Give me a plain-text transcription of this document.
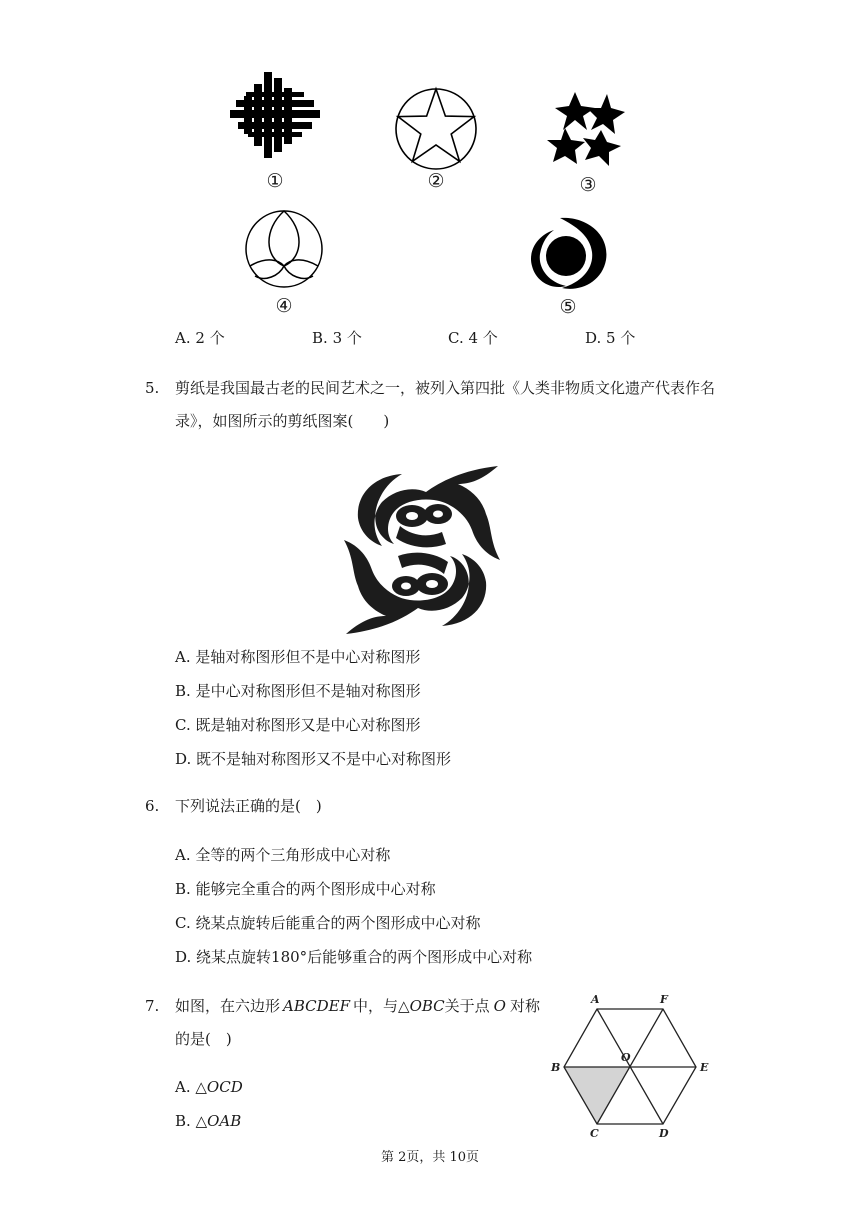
①	②	③
④	⑤
A. 2 个	B. 3 个	C. 4 个	D. 5 个
5. 剪纸是我国最古老的民间艺术之一，被列入第四批《人类非物质文化遗产代表作名
录》，如图所示的剪纸图案(　　)
A. 是轴对称图形但不是中心对称图形
B. 是中心对称图形但不是轴对称图形
C. 既是轴对称图形又是中心对称图形
D. 既不是轴对称图形又不是中心对称图形
6. 下列说法正确的是(　)
A. 全等的两个三角形成中心对称
B. 能够完全重合的两个图形成中心对称
C. 绕某点旋转后能重合的两个图形成中心对称
D. 绕某点旋转180°后能够重合的两个图形成中心对称
7. 如图，在六边形 ABCDEF 中，与△OBC关于点 O 对称
的是(　)
A. △OCD
B. △OAB
A	F
B
O
E
C	D
第 2页，共 10页
